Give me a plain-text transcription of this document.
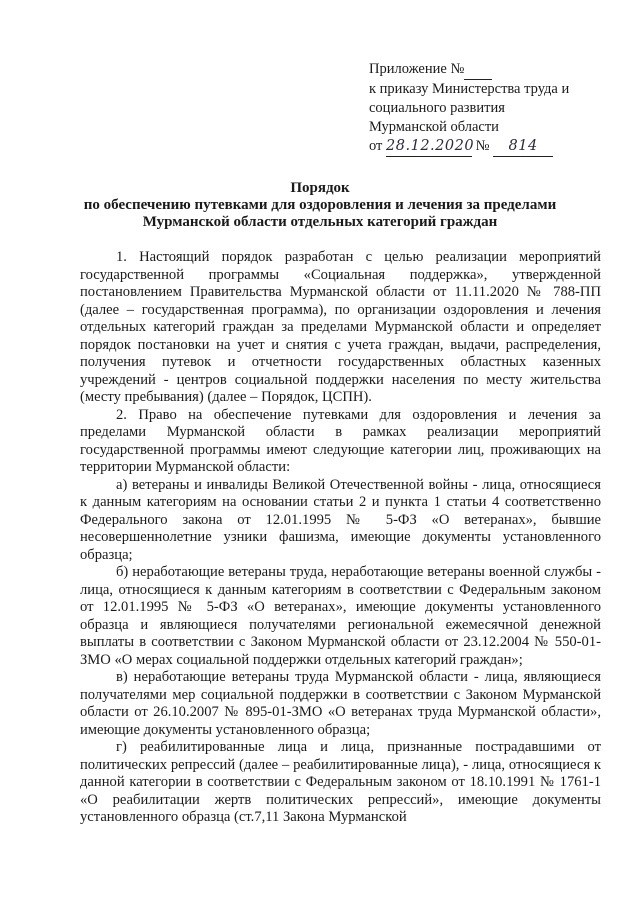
Приложение №
к приказу Министерства труда и
социального развития
Мурманской области
от 28.12.2020 № 814
Порядок
по обеспечению путевками для оздоровления и лечения за пределами
Мурманской области отдельных категорий граждан

1. Настоящий порядок разработан с целью реализации мероприятий государственной программы «Социальная поддержка», утвержденной постановлением Правительства Мурманской области от 11.11.2020 № 788-ПП (далее – государственная программа), по организации оздоровления и лечения отдельных категорий граждан за пределами Мурманской области и определяет порядок постановки на учет и снятия с учета граждан, выдачи, распределения, получения путевок и отчетности государственных областных казенных учреждений - центров социальной поддержки населения по месту жительства (месту пребывания) (далее – Порядок, ЦСПН).

2. Право на обеспечение путевками для оздоровления и лечения за пределами Мурманской области в рамках реализации мероприятий государственной программы имеют следующие категории лиц, проживающих на территории Мурманской области:

а) ветераны и инвалиды Великой Отечественной войны - лица, относящиеся к данным категориям на основании статьи 2 и пункта 1 статьи 4 соответственно Федерального закона от 12.01.1995 № 5-ФЗ «О ветеранах», бывшие несовершеннолетние узники фашизма, имеющие документы установленного образца;

б) неработающие ветераны труда, неработающие ветераны военной службы - лица, относящиеся к данным категориям в соответствии с Федеральным законом от 12.01.1995 № 5-ФЗ «О ветеранах», имеющие документы установленного образца и являющиеся получателями региональной ежемесячной денежной выплаты в соответствии с Законом Мурманской области от 23.12.2004 № 550-01-ЗМО «О мерах социальной поддержки отдельных категорий граждан»;

в) неработающие ветераны труда Мурманской области - лица, являющиеся получателями мер социальной поддержки в соответствии с Законом Мурманской области от 26.10.2007 № 895-01-ЗМО «О ветеранах труда Мурманской области», имеющие документы установленного образца;

г) реабилитированные лица и лица, признанные пострадавшими от политических репрессий (далее – реабилитированные лица), - лица, относящиеся к данной категории в соответствии с Федеральным законом от 18.10.1991 № 1761-1 «О реабилитации жертв политических репрессий», имеющие документы установленного образца (ст.7,11 Закона Мурманской
